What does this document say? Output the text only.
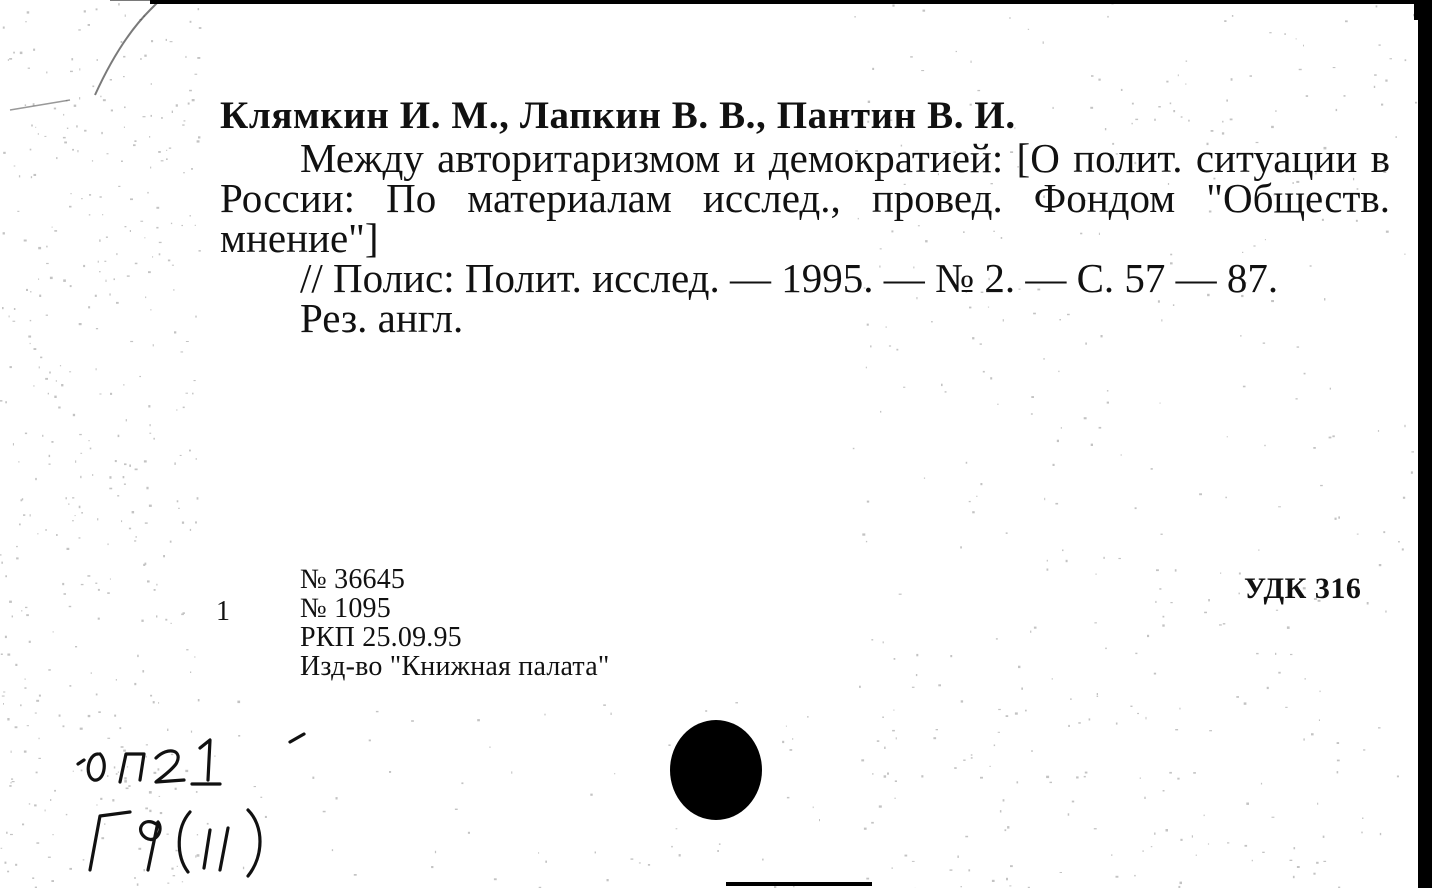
Клямкин И. М., Лапкин В. В., Пантин В. И.
Между авторитаризмом и демократией: [О полит. ситуации в России: По материалам исслед., провед. Фондом "Обществ. мнение"]
// Полис: Полит. исслед. — 1995. — № 2. — С. 57 — 87.
Рез. англ.
1
№ 36645
№ 1095
РКП 25.09.95
Изд-во "Книжная палата"
УДК 316
